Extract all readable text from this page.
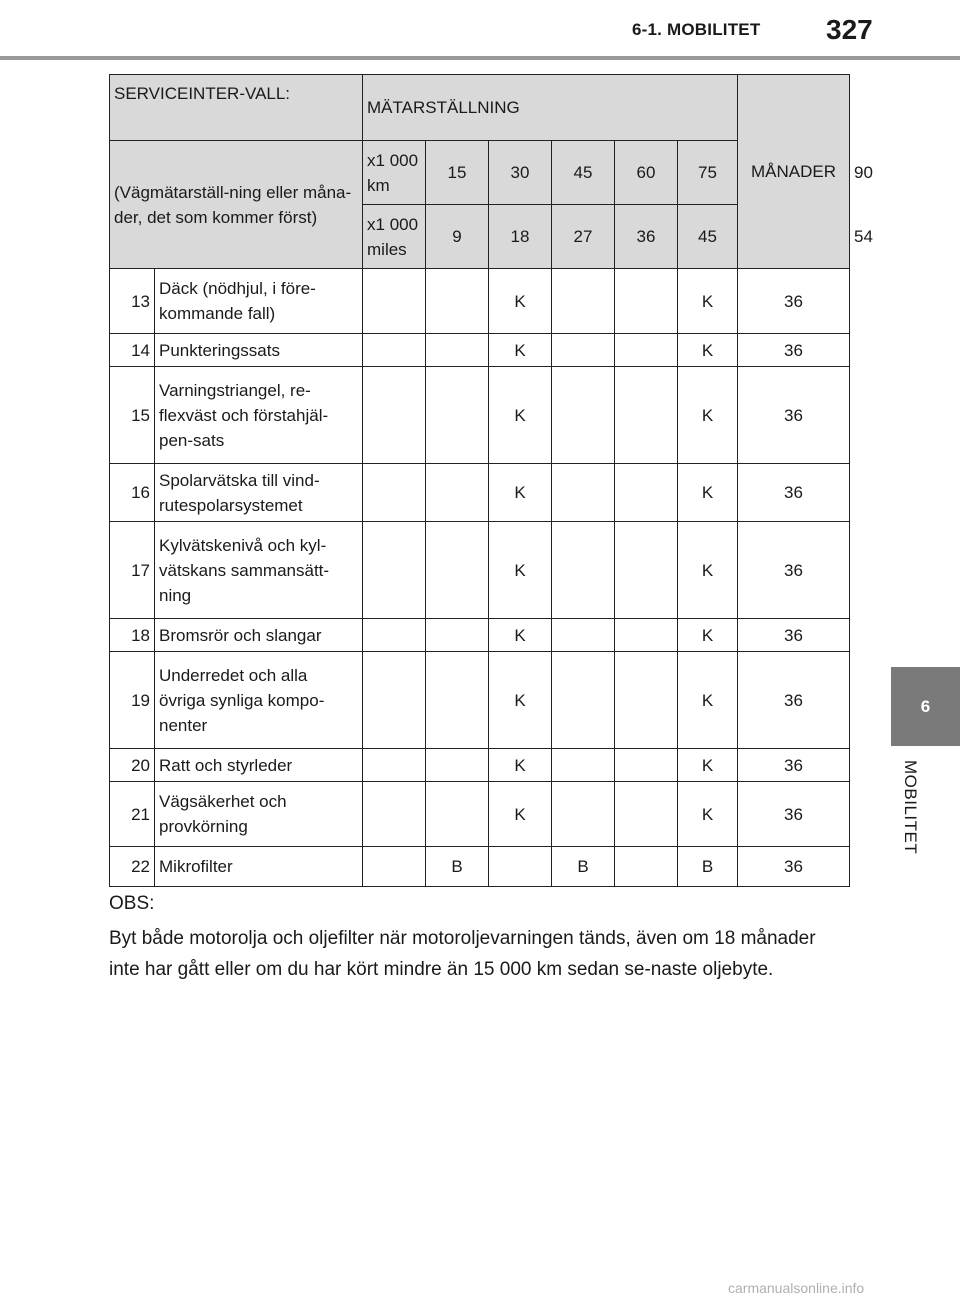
6-1. MOBILITET 327
6
MOBILITET
SERVICEINTER-VALL:		MÄTARSTÄLLNING						MÅNADER	
(Vägmätarställ-ning eller måna-der, det som kommer först)		x1 000 km	15	30	45	60	75		90
		x1 000 miles	9	18	27	36	45		54
13	Däck (nödhjul, i före-kommande fall)			K			K	36	
14	Punkteringssats			K			K	36	
15	Varningstriangel, re-flexväst och förstahjäl-pen-sats			K			K	36	
16	Spolarvätska till vind-rutespolarsystemet			K			K	36	
17	Kylvätskenivå och kyl-vätskans sammansätt-ning			K			K	36	
18	Bromsrör och slangar			K			K	36	
19	Underredet och alla övriga synliga kompo-nenter			K			K	36	
20	Ratt och styrleder			K			K	36	
21	Vägsäkerhet och provkörning			K			K	36	
22	Mikrofilter		B		B		B	36	

OBS:

Byt både motorolja och oljefilter när motoroljevarningen tänds, även om 18 månader inte har gått eller om du har kört mindre än 15 000 km sedan se-naste oljebyte.

carmanualsonline.info
